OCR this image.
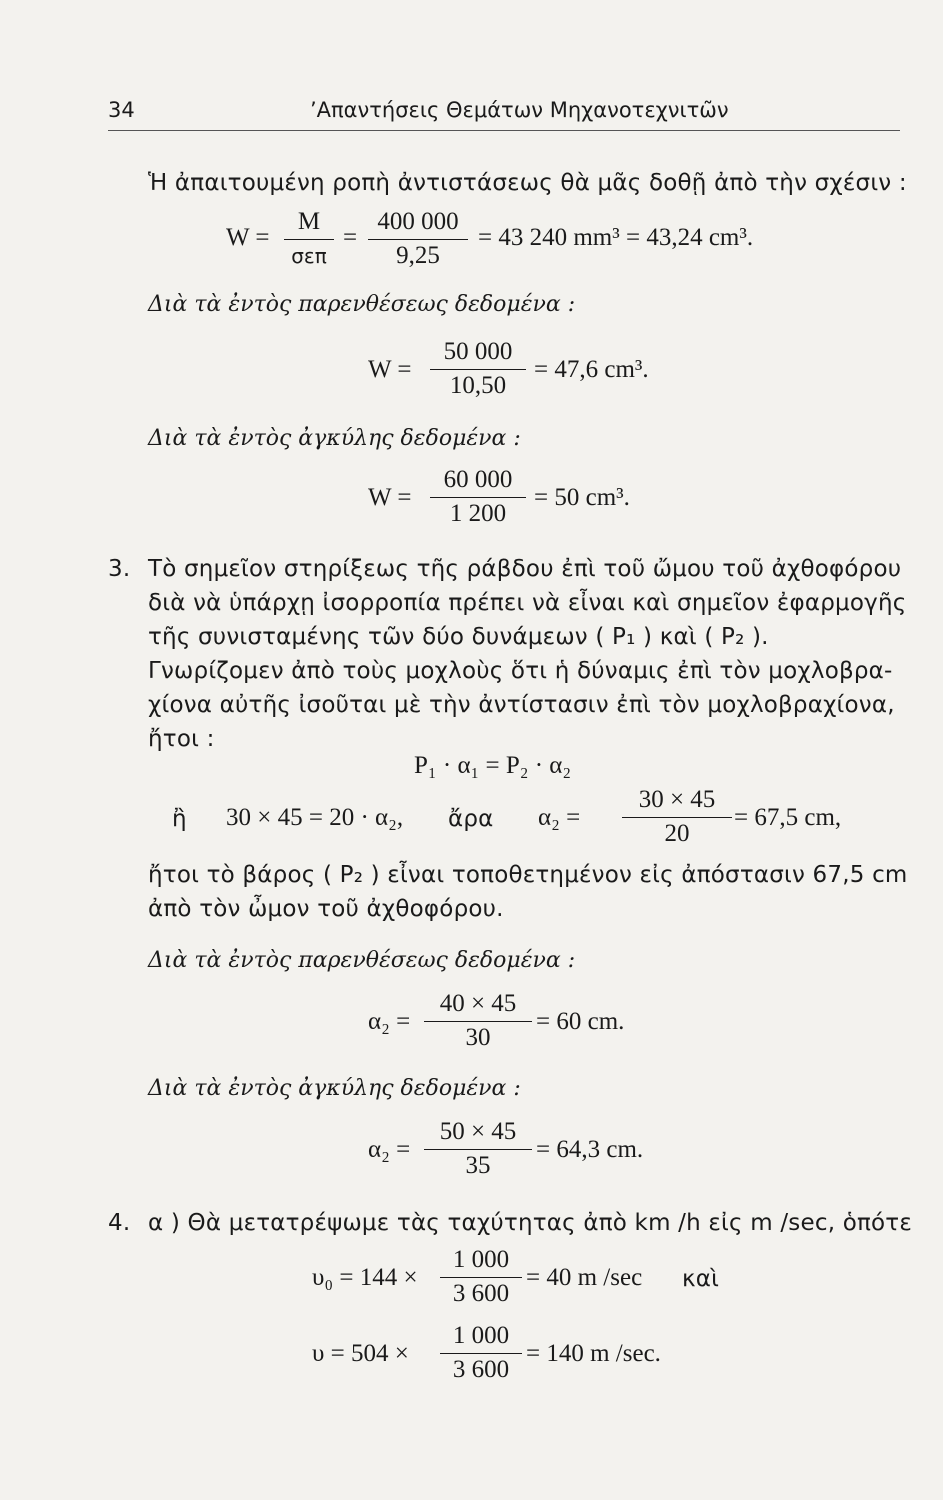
34	’Απαντήσεις Θεμάτων Μηχανοτεχνιτῶν
Ἡ ἀπαιτουμένη ροπὴ ἀντιστάσεως θὰ μᾶς δοθῇ ἀπὸ τὴν σχέσιν :
W =
M
σεπ
=
400 000
9,25
= 43 240 mm³ = 43,24 cm³.
Διὰ τὰ ἐντὸς παρενθέσεως δεδομένα :
W =
50 000
10,50
= 47,6 cm³.
Διὰ τὰ ἐντὸς ἀγκύλης δεδομένα :
W =
60 000
1 200
= 50 cm³.
3. Τὸ σημεῖον στηρίξεως τῆς ράβδου ἐπὶ τοῦ ὤμου τοῦ ἀχθοφόρου
διὰ νὰ ὑπάρχῃ ἰσορροπία πρέπει νὰ εἶναι καὶ σημεῖον ἐφαρμογῆς
τῆς συνισταμένης τῶν δύο δυνάμεων ( P₁ ) καὶ ( P₂ ).
Γνωρίζομεν ἀπὸ τοὺς μοχλοὺς ὅτι ἡ δύναμις ἐπὶ τὸν μοχλοβρα-
χίονα αὐτῆς ἰσοῦται μὲ τὴν ἀντίστασιν ἐπὶ τὸν μοχλοβραχίονα,
ἤτοι :
P₁ · α₁ = P₂ · α₂
ἢ 30 × 45 = 20 · α₂, ἄρα α₂ =
30 × 45
20
= 67,5 cm,
ἤτοι τὸ βάρος ( P₂ ) εἶναι τοποθετημένον εἰς ἀπόστασιν 67,5 cm
ἀπὸ τὸν ὦμον τοῦ ἀχθοφόρου.
Διὰ τὰ ἐντὸς παρενθέσεως δεδομένα :
α₂ =
40 × 45
30
= 60 cm.
Διὰ τὰ ἐντὸς ἀγκύλης δεδομένα :
α₂ =
50 × 45
35
= 64,3 cm.
4. α ) Θὰ μετατρέψωμε τὰς ταχύτητας ἀπὸ km /h εἰς m /sec, ὁπότε
υ₀ = 144 ×
1 000
3 600
= 40 m /sec καὶ
υ = 504 ×
1 000
3 600
= 140 m /sec.
